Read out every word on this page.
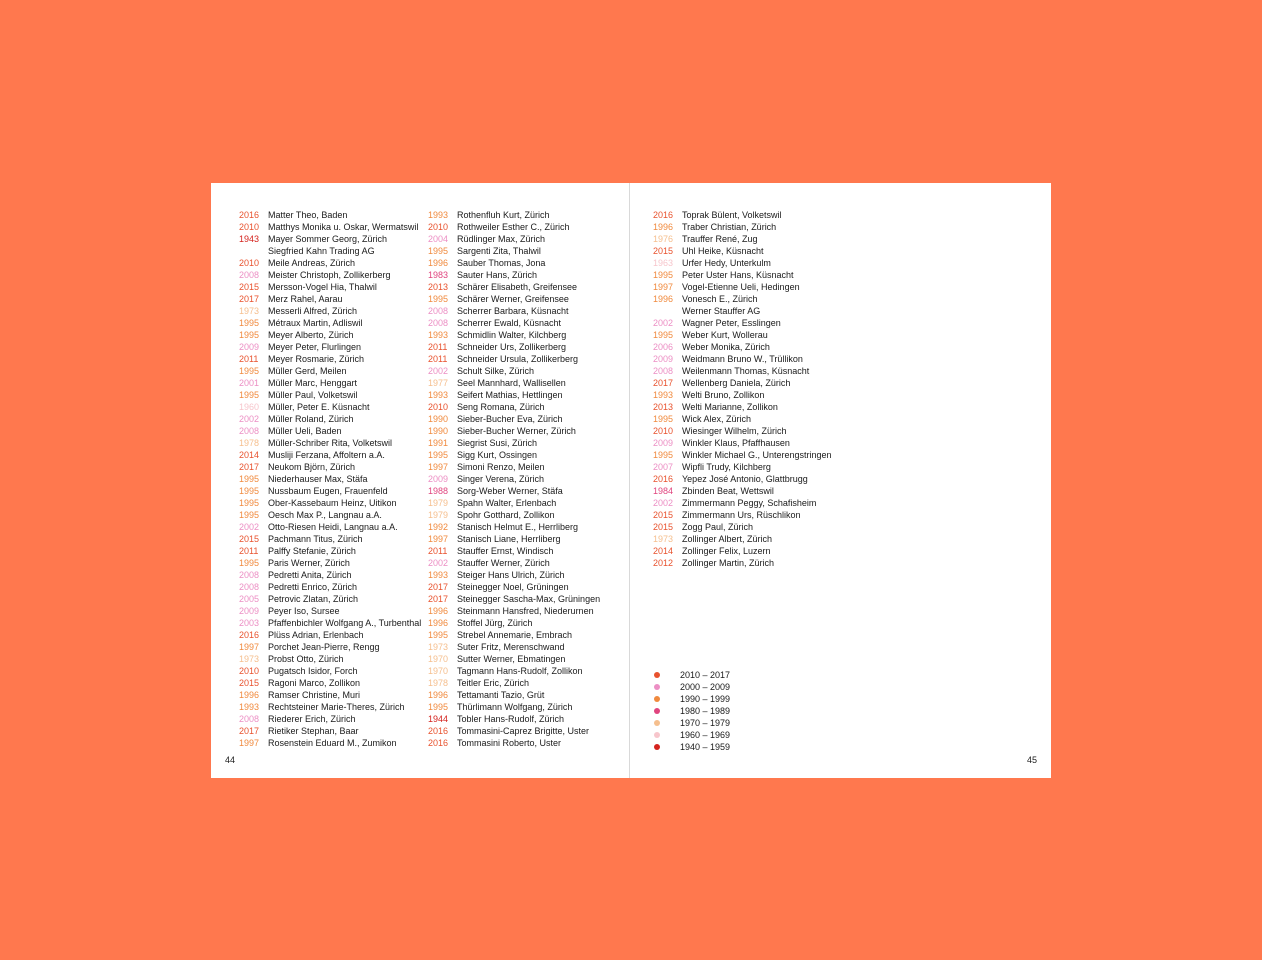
2016 Matter Theo, Baden
2010 Matthys Monika u. Oskar, Wermatswil
1943 Mayer Sommer Georg, Zürich
Siegfried Kahn Trading AG
2010 Meile Andreas, Zürich
2008 Meister Christoph, Zollikerberg
2015 Mersson-Vogel Hia, Thalwil
2017 Merz Rahel, Aarau
1973 Messerli Alfred, Zürich
1995 Métraux Martin, Adliswil
1995 Meyer Alberto, Zürich
2009 Meyer Peter, Flurlingen
2011 Meyer Rosmarie, Zürich
1995 Müller Gerd, Meilen
2001 Müller Marc, Henggart
1995 Müller Paul, Volketswil
1960 Müller, Peter E. Küsnacht
2002 Müller Roland, Zürich
2008 Müller Ueli, Baden
1978 Müller-Schriber Rita, Volketswil
2014 Musliji Ferzana, Affoltern a.A.
2017 Neukom Björn, Zürich
1995 Niederhauser Max, Stäfa
1995 Nussbaum Eugen, Frauenfeld
1995 Ober-Kassebaum Heinz, Uitikon
1995 Oesch Max P., Langnau a.A.
2002 Otto-Riesen Heidi, Langnau a.A.
2015 Pachmann Titus, Zürich
2011 Palffy Stefanie, Zürich
1995 Paris Werner, Zürich
2008 Pedretti Anita, Zürich
2008 Pedretti Enrico, Zürich
2005 Petrovic Zlatan, Zürich
2009 Peyer Iso, Sursee
2003 Pfaffenbichler Wolfgang A., Turbenthal
2016 Plüss Adrian, Erlenbach
1997 Porchet Jean-Pierre, Rengg
1973 Probst Otto, Zürich
2010 Pugatsch Isidor, Forch
2015 Ragoni Marco, Zollikon
1996 Ramser Christine, Muri
1993 Rechtsteiner Marie-Theres, Zürich
2008 Riederer Erich, Zürich
2017 Rietiker Stephan, Baar
1997 Rosenstein Eduard M., Zumikon
1993 Rothenfluh Kurt, Zürich
2010 Rothweiler Esther C., Zürich
2004 Rüdlinger Max, Zürich
1995 Sargenti Zita, Thalwil
1996 Sauber Thomas, Jona
1983 Sauter Hans, Zürich
2013 Schärer Elisabeth, Greifensee
1995 Schärer Werner, Greifensee
2008 Scherrer Barbara, Küsnacht
2008 Scherrer Ewald, Küsnacht
1993 Schmidlin Walter, Kilchberg
2011 Schneider Urs, Zollikerberg
2011 Schneider Ursula, Zollikerberg
2002 Schult Silke, Zürich
1977 Seel Mannhard, Wallisellen
1993 Seifert Mathias, Hettlingen
2010 Seng Romana, Zürich
1990 Sieber-Bucher Eva, Zürich
1990 Sieber-Bucher Werner, Zürich
1991 Siegrist Susi, Zürich
1995 Sigg Kurt, Ossingen
1997 Simoni Renzo, Meilen
2009 Singer Verena, Zürich
1988 Sorg-Weber Werner, Stäfa
1979 Spahn Walter, Erlenbach
1979 Spohr Gotthard, Zollikon
1992 Stanisch Helmut E., Herrliberg
1997 Stanisch Liane, Herrliberg
2011 Stauffer Ernst, Windisch
2002 Stauffer Werner, Zürich
1993 Steiger Hans Ulrich, Zürich
2017 Steinegger Noel, Grüningen
2017 Steinegger Sascha-Max, Grüningen
1996 Steinmann Hansfred, Niederurnen
1996 Stoffel Jürg, Zürich
1995 Strebel Annemarie, Embrach
1973 Suter Fritz, Merenschwand
1970 Sutter Werner, Ebmatingen
1970 Tagmann Hans-Rudolf, Zollikon
1978 Teitler Eric, Zürich
1996 Tettamanti Tazio, Grüt
1995 Thürlimann Wolfgang, Zürich
1944 Tobler Hans-Rudolf, Zürich
2016 Tommasini-Caprez Brigitte, Uster
2016 Tommasini Roberto, Uster
2016 Toprak Bülent, Volketswil
1996 Traber Christian, Zürich
1976 Trauffer René, Zug
2015 Uhl Heike, Küsnacht
1963 Urfer Hedy, Unterkulm
1995 Peter Uster Hans, Küsnacht
1997 Vogel-Etienne Ueli, Hedingen
1996 Vonesch E., Zürich
Werner Stauffer AG
2002 Wagner Peter, Esslingen
1995 Weber Kurt, Wollerau
2006 Weber Monika, Zürich
2009 Weidmann Bruno W., Trüllikon
2008 Weilenmann Thomas, Küsnacht
2017 Wellenberg Daniela, Zürich
1993 Welti Bruno, Zollikon
2013 Welti Marianne, Zollikon
1995 Wick Alex, Zürich
2010 Wiesinger Wilhelm, Zürich
2009 Winkler Klaus, Pfaffhausen
1995 Winkler Michael G., Unterengstringen
2007 Wipfli Trudy, Kilchberg
2016 Yepez José Antonio, Glattbrugg
1984 Zbinden Beat, Wettswil
2002 Zimmermann Peggy, Schafisheim
2015 Zimmermann Urs, Rüschlikon
2015 Zogg Paul, Zürich
1973 Zollinger Albert, Zürich
2014 Zollinger Felix, Luzern
2012 Zollinger Martin, Zürich
2010 – 2017
2000 – 2009
1990 – 1999
1980 – 1989
1970 – 1979
1960 – 1969
1940 – 1959
44	45
